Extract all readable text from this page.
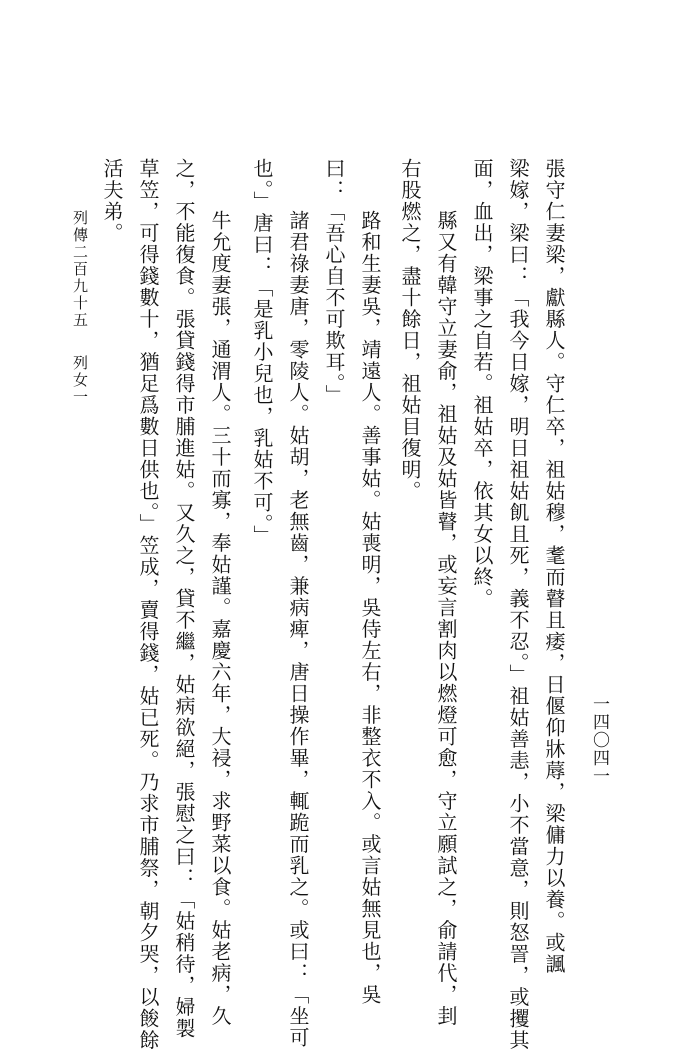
張守仁妻梁，獻縣人。守仁卒，祖姑穆，耄而瞽且痿，日偃仰牀蓐，梁傭力以養。或諷
梁嫁，梁曰：「我今日嫁，明日祖姑飢且死，義不忍。」祖姑善恚，小不當意，則怒詈，或攫其
面，血出，梁事之自若。祖姑卒，依其女以終。
縣又有韓守立妻俞，祖姑及姑皆瞽，或妄言割肉以燃燈可愈，守立願試之，俞請代，刲
右股燃之，盡十餘日，祖姑目復明。
路和生妻吳，靖遠人。善事姑。姑喪明，吳侍左右，非整衣不入。或言姑無見也，吳
曰：「吾心自不可欺耳。」
諸君祿妻唐，零陵人。姑胡，老無齒，兼病痺，唐日操作畢，輒跪而乳之。或曰：「坐可
也。」唐曰：「是乳小兒也，乳姑不可。」
牛允度妻張，通渭人。三十而寡，奉姑謹。嘉慶六年，大祲，求野菜以食。姑老病，久
之，不能復食。張貸錢得市脯進姑。又久之，貸不繼，姑病欲絕，張慰之曰：「姑稍待，婦製
草笠，可得錢數十，猶足爲數日供也。」笠成，賣得錢，姑已死。乃求市脯祭，朝夕哭，以餕餘
活夫弟。
列傳二百九十五列女一
一四〇四一
